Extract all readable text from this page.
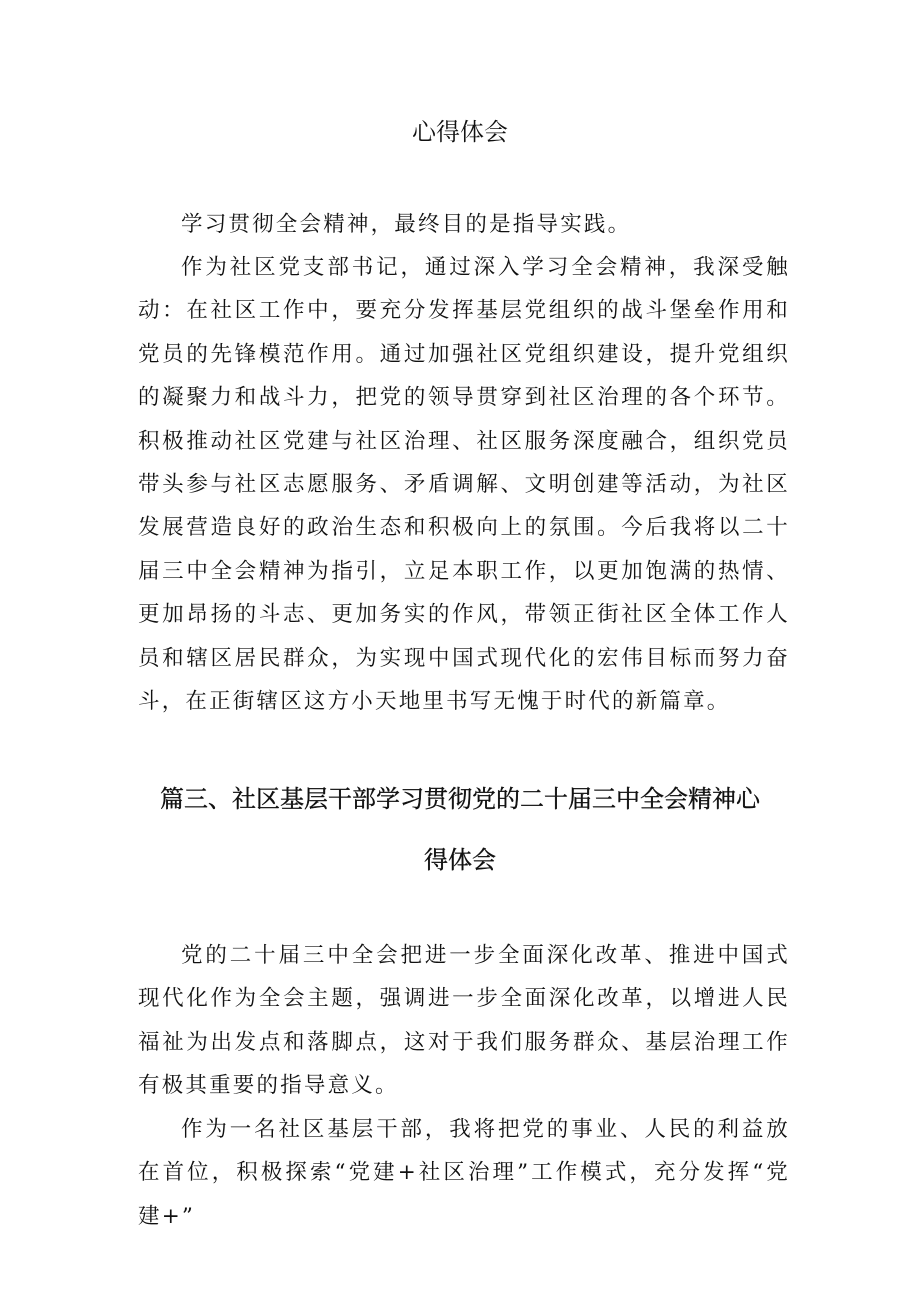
心得体会

学习贯彻全会精神，最终目的是指导实践。

作为社区党支部书记，通过深入学习全会精神，我深受触动：在社区工作中，要充分发挥基层党组织的战斗堡垒作用和党员的先锋模范作用。通过加强社区党组织建设，提升党组织的凝聚力和战斗力，把党的领导贯穿到社区治理的各个环节。积极推动社区党建与社区治理、社区服务深度融合，组织党员带头参与社区志愿服务、矛盾调解、文明创建等活动，为社区发展营造良好的政治生态和积极向上的氛围。今后我将以二十届三中全会精神为指引，立足本职工作，以更加饱满的热情、更加昂扬的斗志、更加务实的作风，带领正街社区全体工作人员和辖区居民群众，为实现中国式现代化的宏伟目标而努力奋斗，在正街辖区这方小天地里书写无愧于时代的新篇章。

篇三、社区基层干部学习贯彻党的二十届三中全会精神心
得体会

党的二十届三中全会把进一步全面深化改革、推进中国式现代化作为全会主题，强调进一步全面深化改革，以增进人民福祉为出发点和落脚点，这对于我们服务群众、基层治理工作有极其重要的指导意义。

作为一名社区基层干部，我将把党的事业、人民的利益放在首位，积极探索“党建+社区治理”工作模式，充分发挥“党建+”
